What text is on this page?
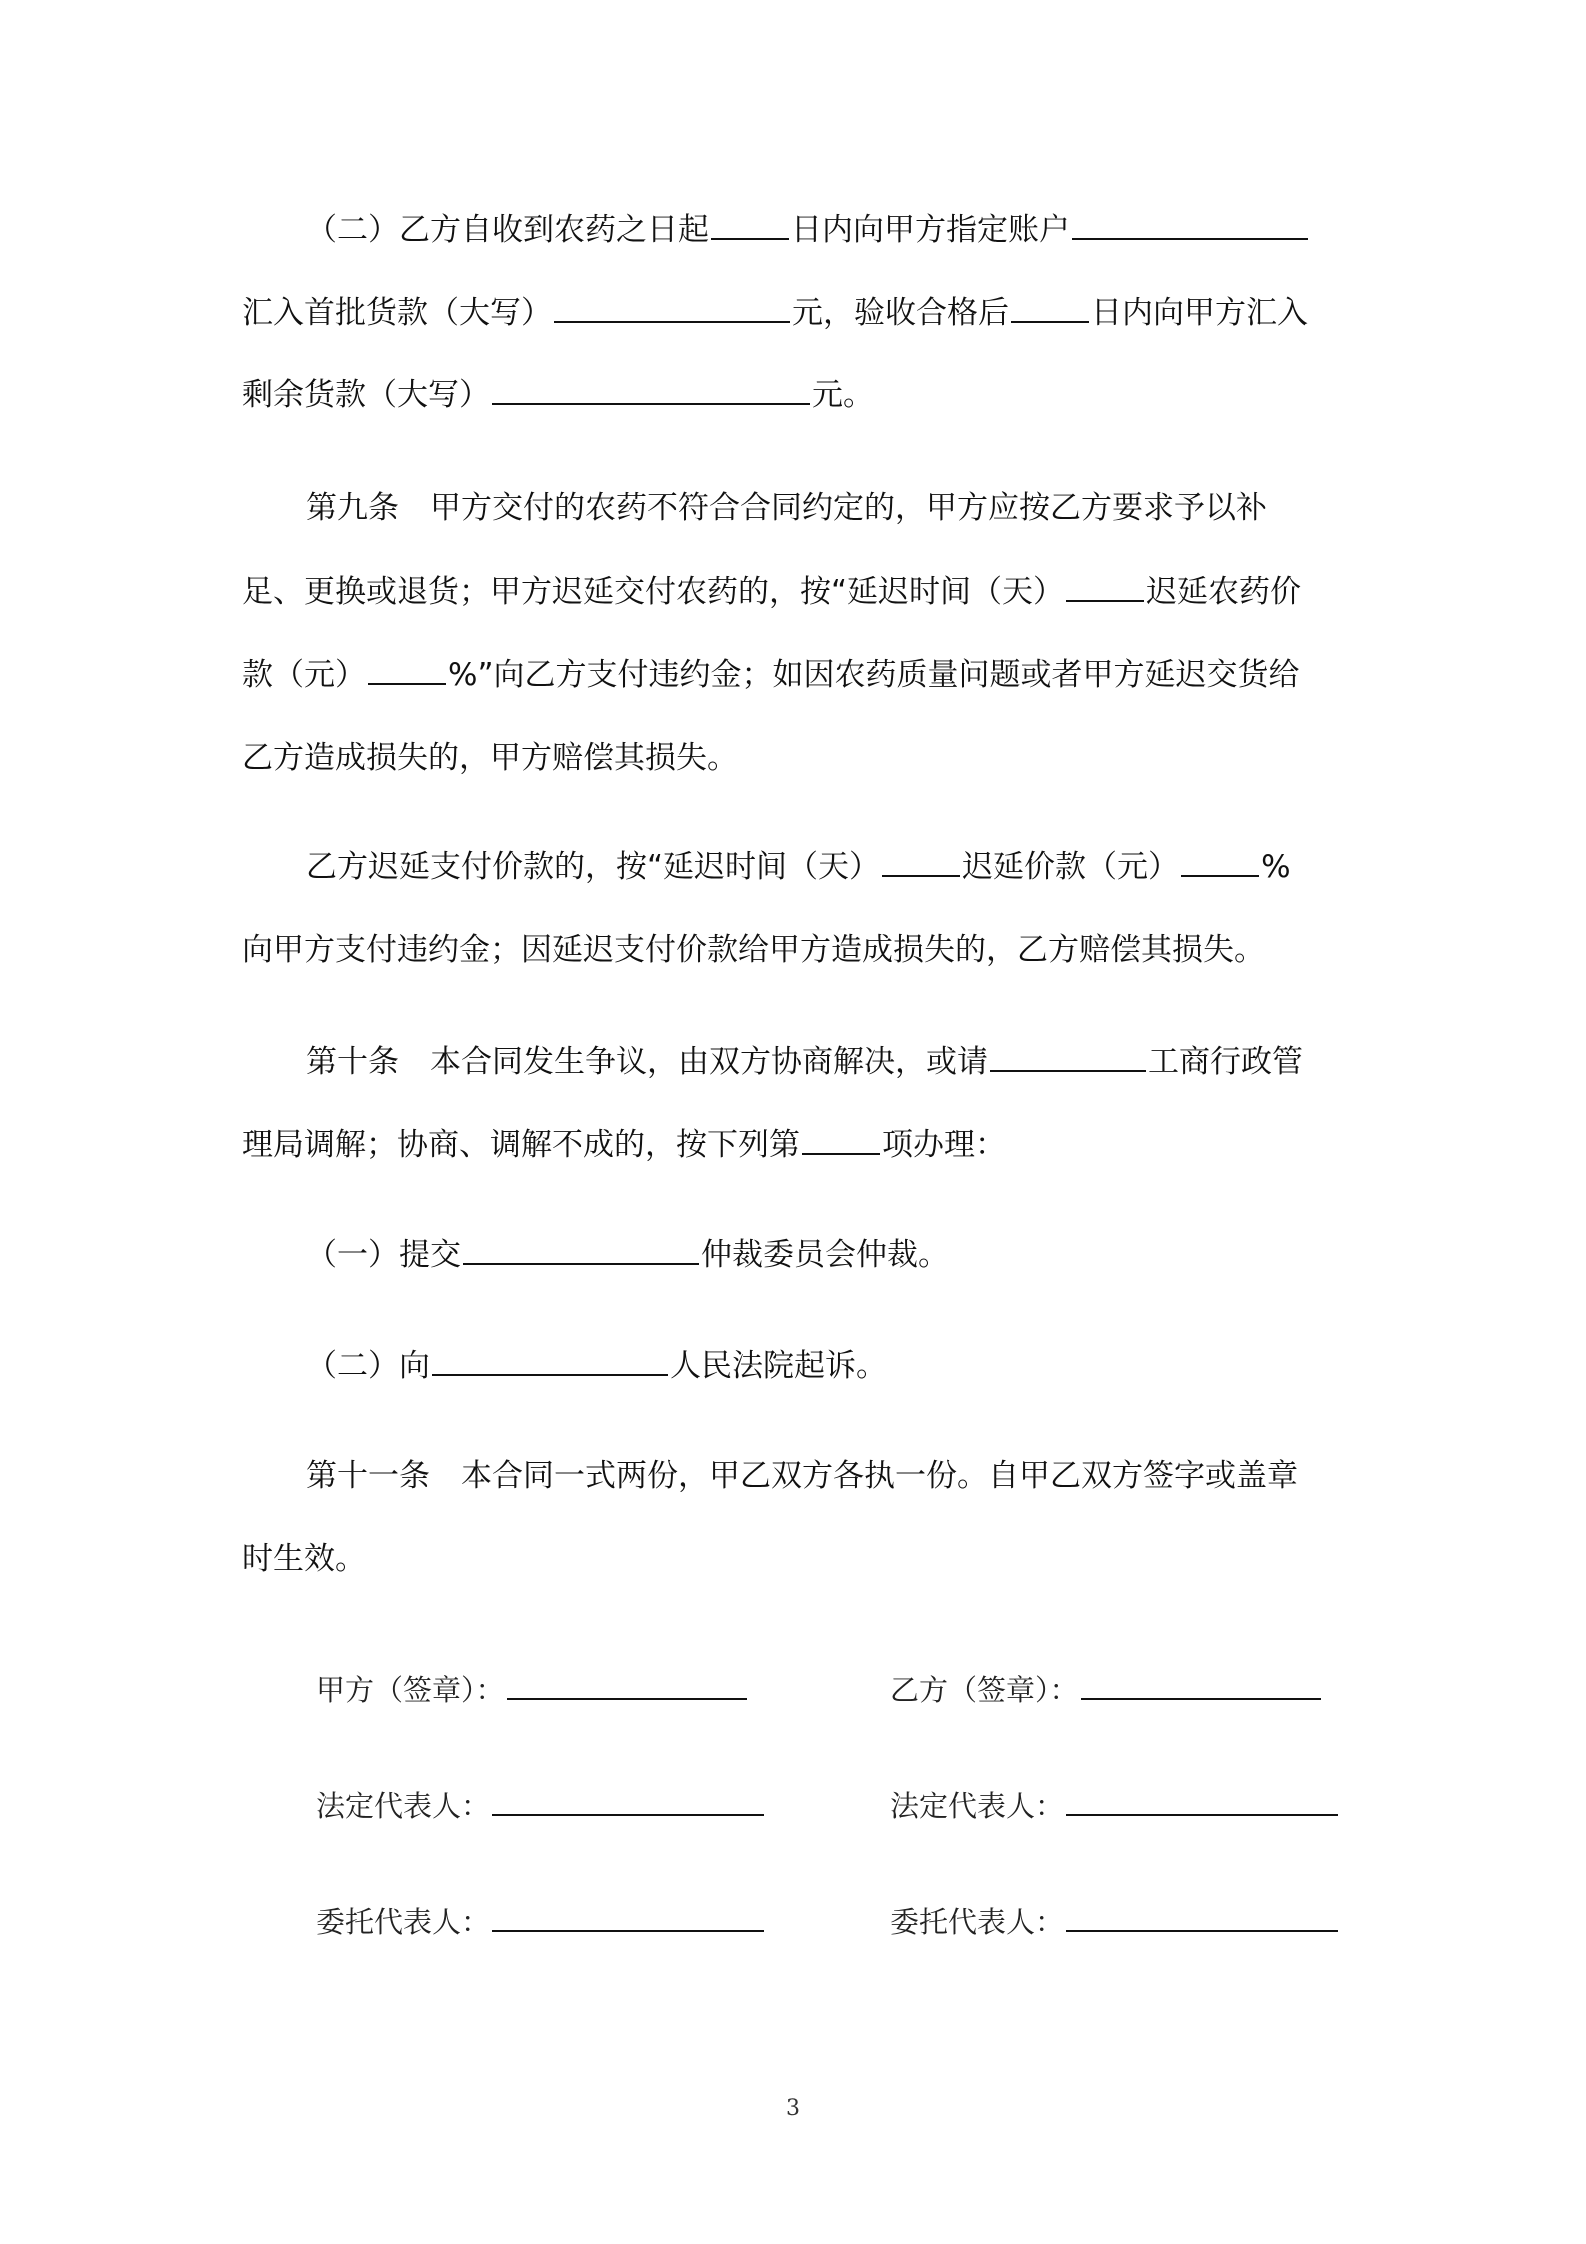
（二）乙方自收到农药之日起	日内向甲方指定账户
汇入首批货款（大写）	元，验收合格后	日内向甲方汇入
剩余货款（大写）	元。
第九条　甲方交付的农药不符合合同约定的，甲方应按乙方要求予以补
足、更换或退货；甲方迟延交付农药的，按“延迟时间（天）	迟延农药价
款（元）	%”向乙方支付违约金；如因农药质量问题或者甲方延迟交货给
乙方造成损失的，甲方赔偿其损失。
乙方迟延支付价款的，按“延迟时间（天）	迟延价款（元）	%
向甲方支付违约金；因延迟支付价款给甲方造成损失的，乙方赔偿其损失。
第十条　本合同发生争议，由双方协商解决，或请	工商行政管
理局调解；协商、调解不成的，按下列第	项办理：
（一）提交	仲裁委员会仲裁。
（二）向	人民法院起诉。
第十一条　本合同一式两份，甲乙双方各执一份。自甲乙双方签字或盖章
时生效。
甲方（签章）：	乙方（签章）：
法定代表人：	法定代表人：
委托代表人：	委托代表人：
3
